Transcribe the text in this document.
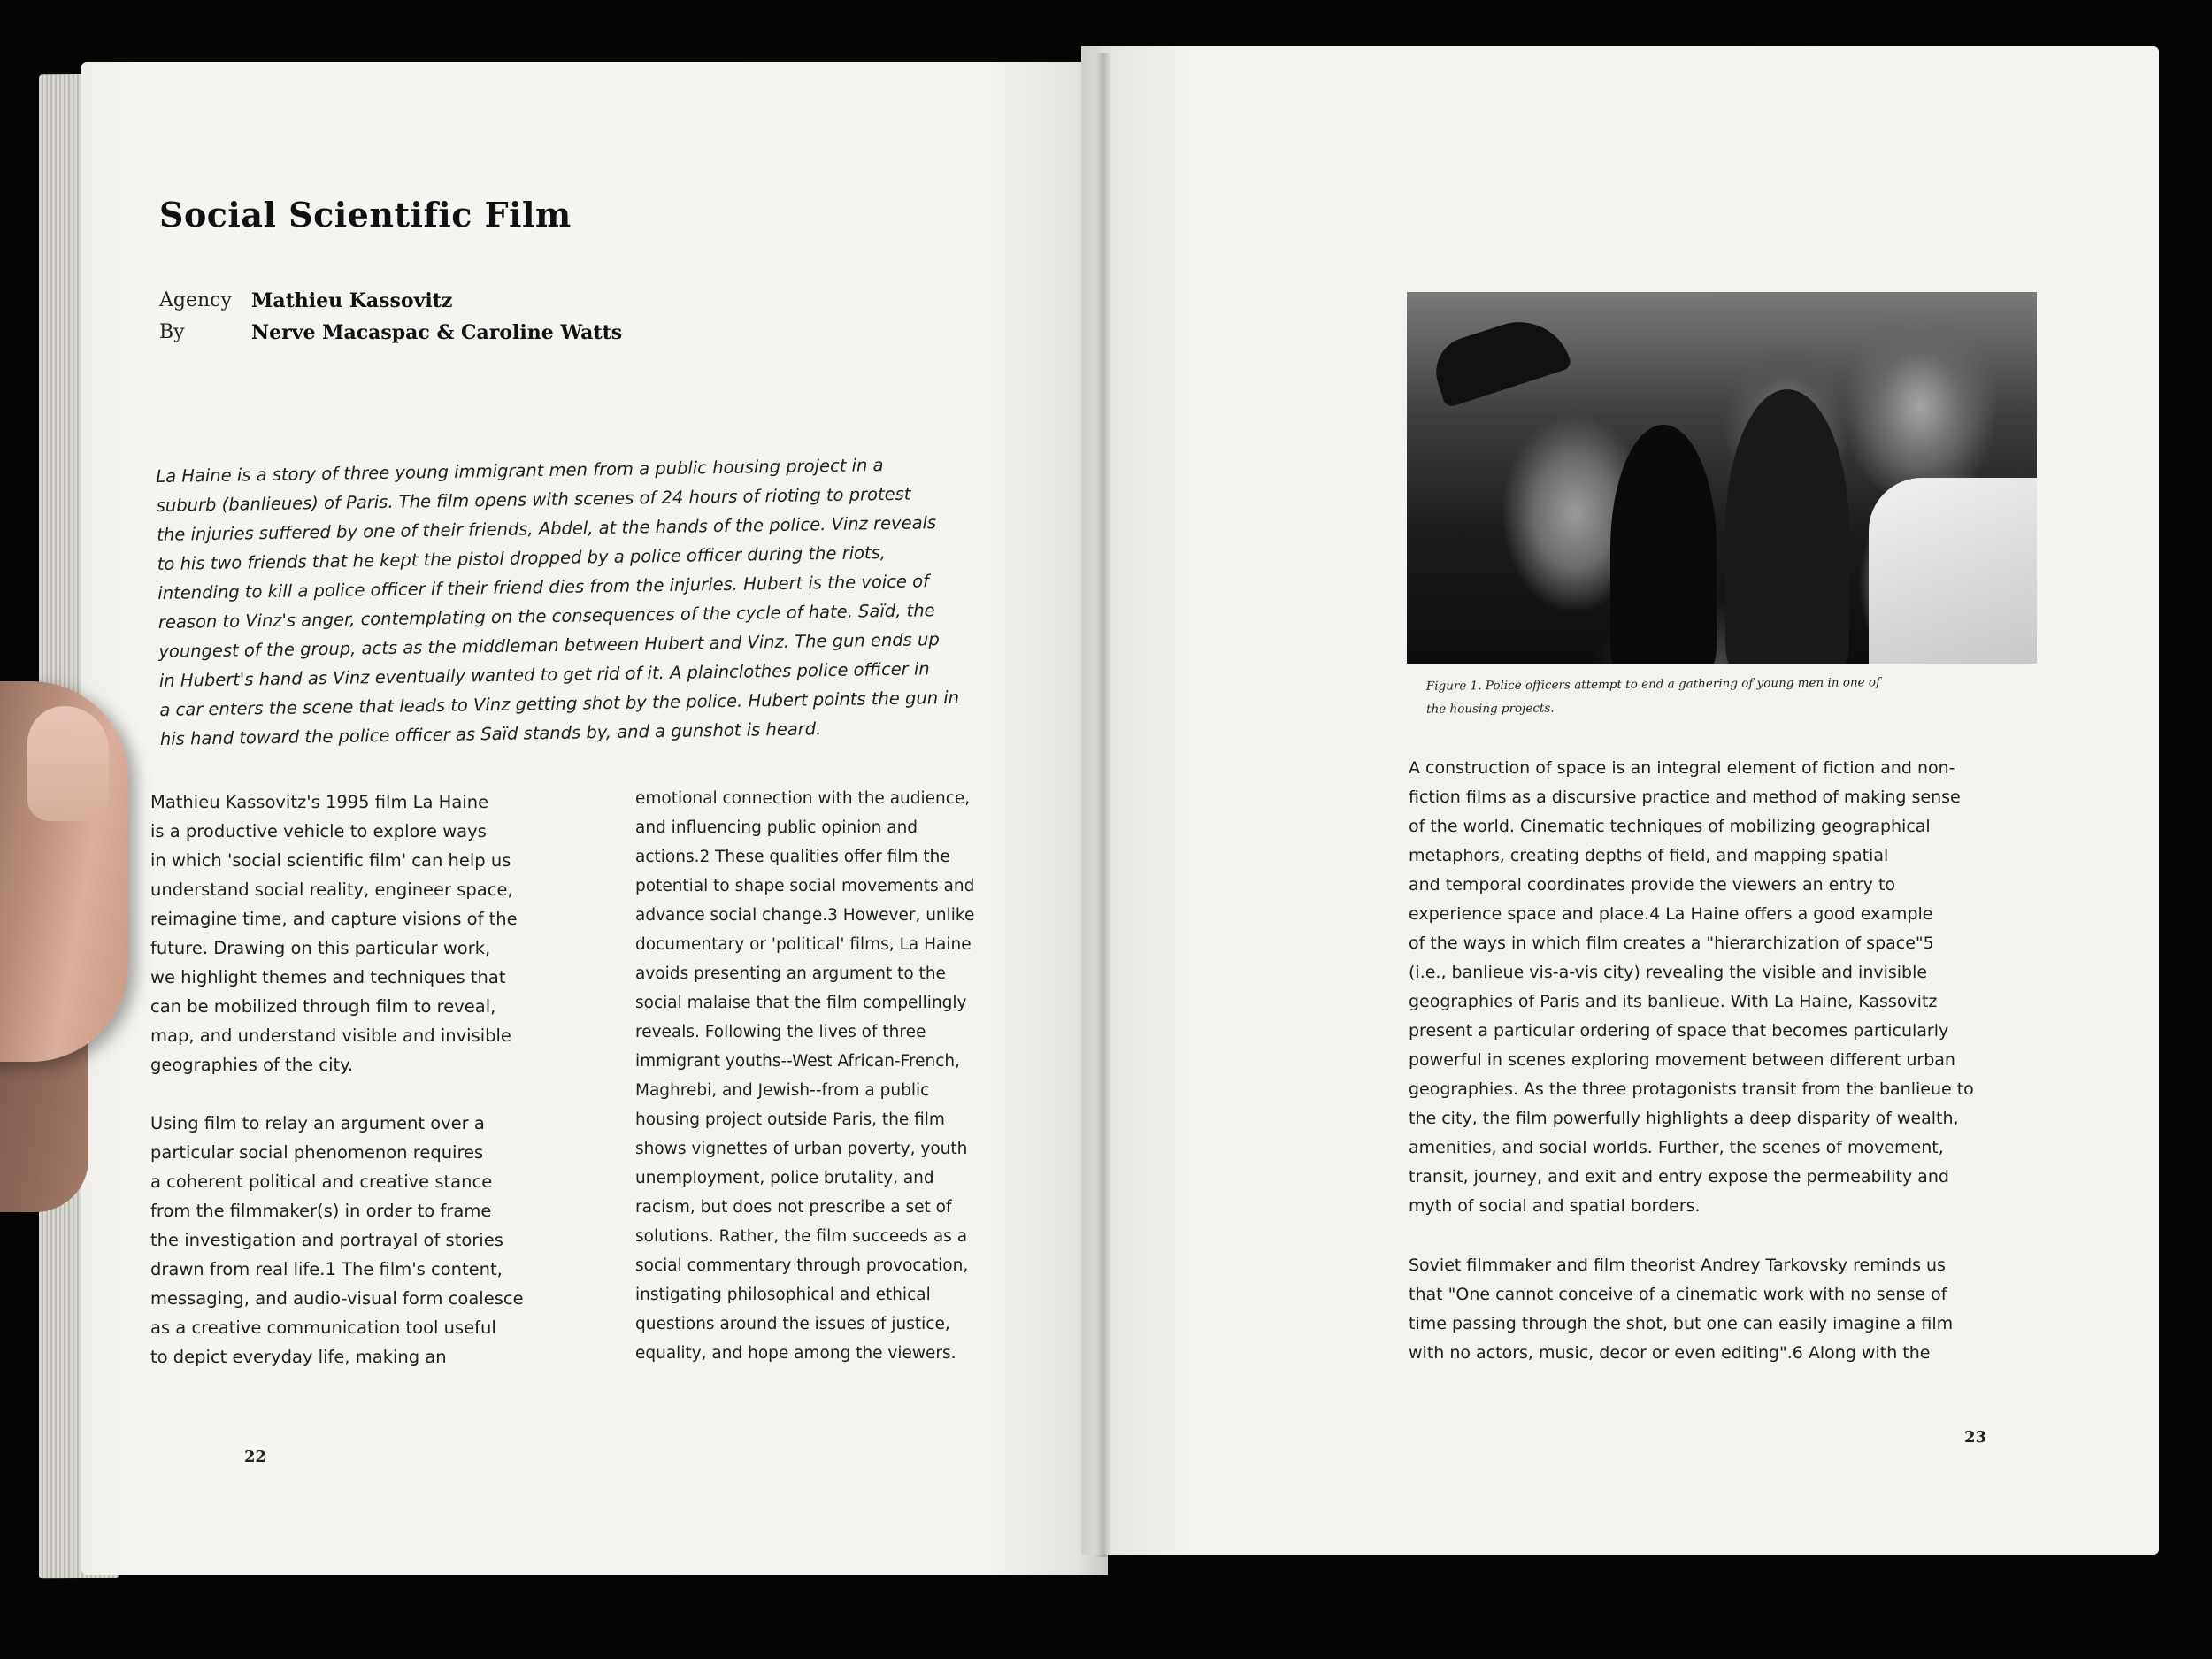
Social Scientific Film
Agency	Mathieu Kassovitz
By	Nerve Macaspac & Caroline Watts
La Haine is a story of three young immigrant men from a public housing project in a
suburb (banlieues) of Paris. The film opens with scenes of 24 hours of rioting to protest
the injuries suffered by one of their friends, Abdel, at the hands of the police. Vinz reveals
to his two friends that he kept the pistol dropped by a police officer during the riots,
intending to kill a police officer if their friend dies from the injuries. Hubert is the voice of
reason to Vinz's anger, contemplating on the consequences of the cycle of hate. Saïd, the
youngest of the group, acts as the middleman between Hubert and Vinz. The gun ends up
in Hubert's hand as Vinz eventually wanted to get rid of it. A plainclothes police officer in
a car enters the scene that leads to Vinz getting shot by the police. Hubert points the gun in
his hand toward the police officer as Saïd stands by, and a gunshot is heard.

Mathieu Kassovitz's 1995 film La Haine
is a productive vehicle to explore ways
in which 'social scientific film' can help us
understand social reality, engineer space,
reimagine time, and capture visions of the
future. Drawing on this particular work,
we highlight themes and techniques that
can be mobilized through film to reveal,
map, and understand visible and invisible
geographies of the city.

Using film to relay an argument over a
particular social phenomenon requires
a coherent political and creative stance
from the filmmaker(s) in order to frame
the investigation and portrayal of stories
drawn from real life.1 The film's content,
messaging, and audio-visual form coalesce
as a creative communication tool useful
to depict everyday life, making an

emotional connection with the audience,
and influencing public opinion and
actions.2 These qualities offer film the
potential to shape social movements and
advance social change.3 However, unlike
documentary or 'political' films, La Haine
avoids presenting an argument to the
social malaise that the film compellingly
reveals. Following the lives of three
immigrant youths--West African-French,
Maghrebi, and Jewish--from a public
housing project outside Paris, the film
shows vignettes of urban poverty, youth
unemployment, police brutality, and
racism, but does not prescribe a set of
solutions. Rather, the film succeeds as a
social commentary through provocation,
instigating philosophical and ethical
questions around the issues of justice,
equality, and hope among the viewers.

22
Figure 1. Police officers attempt to end a gathering of young men in one of
the housing projects.

A construction of space is an integral element of fiction and non-
fiction films as a discursive practice and method of making sense
of the world. Cinematic techniques of mobilizing geographical
metaphors, creating depths of field, and mapping spatial
and temporal coordinates provide the viewers an entry to
experience space and place.4 La Haine offers a good example
of the ways in which film creates a "hierarchization of space"5
(i.e., banlieue vis-a-vis city) revealing the visible and invisible
geographies of Paris and its banlieue. With La Haine, Kassovitz
present a particular ordering of space that becomes particularly
powerful in scenes exploring movement between different urban
geographies. As the three protagonists transit from the banlieue to
the city, the film powerfully highlights a deep disparity of wealth,
amenities, and social worlds. Further, the scenes of movement,
transit, journey, and exit and entry expose the permeability and
myth of social and spatial borders.

Soviet filmmaker and film theorist Andrey Tarkovsky reminds us
that "One cannot conceive of a cinematic work with no sense of
time passing through the shot, but one can easily imagine a film
with no actors, music, decor or even editing".6 Along with the

23
